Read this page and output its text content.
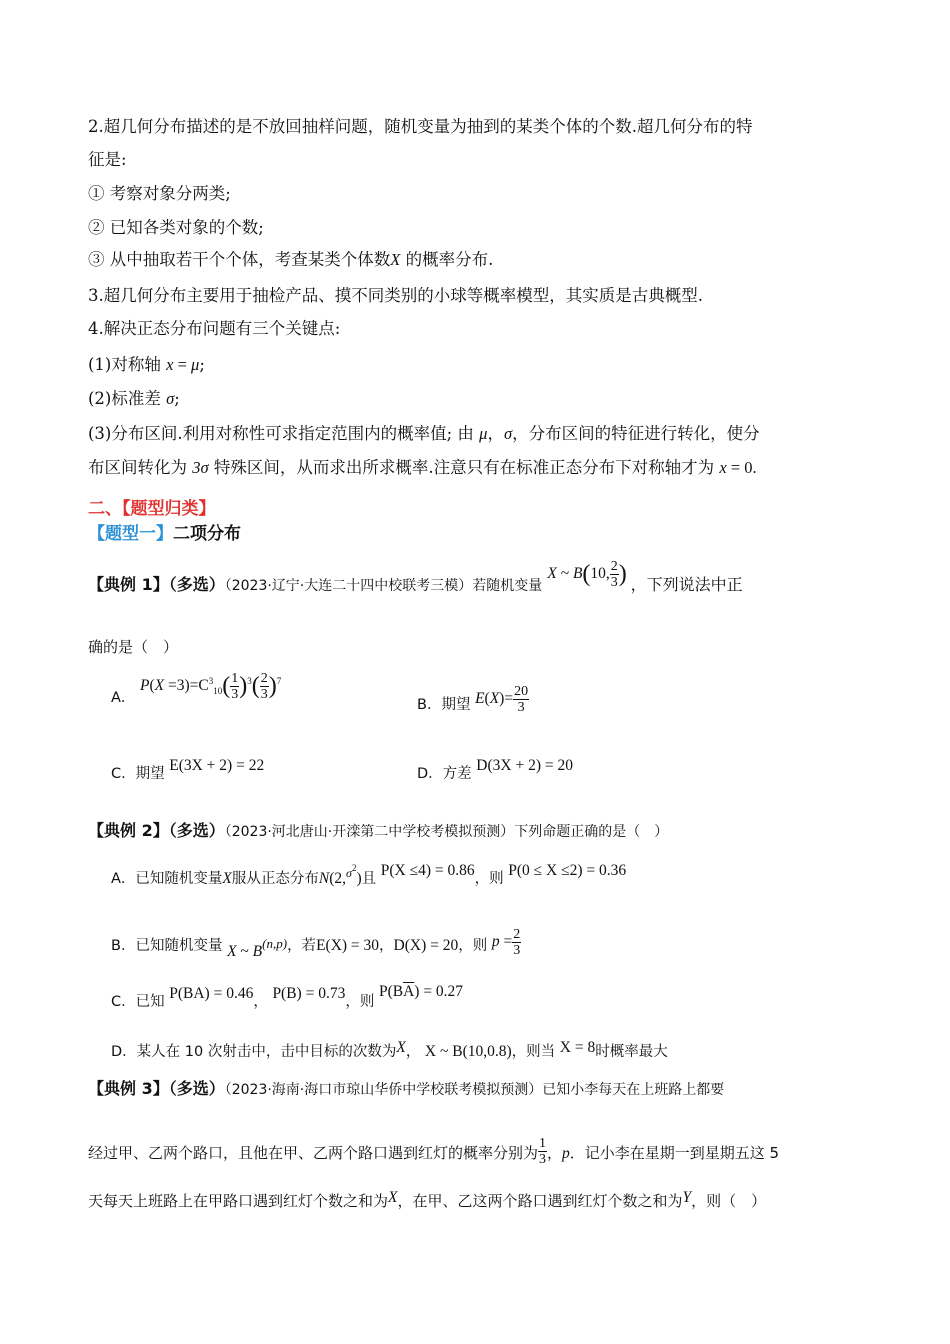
2.超几何分布描述的是不放回抽样问题，随机变量为抽到的某类个体的个数.超几何分布的特
征是:
① 考察对象分两类;
② 已知各类对象的个数;
③ 从中抽取若干个个体，考查某类个体数X 的概率分布.
3.超几何分布主要用于抽检产品、摸不同类别的小球等概率模型，其实质是古典概型.
4.解决正态分布问题有三个关键点:
(1)对称轴 x = μ;
(2)标准差 σ;
(3)分布区间.利用对称性可求指定范围内的概率值; 由 μ，σ，分布区间的特征进行转化，使分
布区间转化为 3σ 特殊区间，从而求出所求概率.注意只有在标准正态分布下对称轴才为 x = 0.
二、【题型归类】
【题型一】二项分布
【典例 1】（多选）（2023·辽宁·大连二十四中校联考三模）若随机变量 X ~ B(10, $\frac{2}{3}$ ) ，下列说法中正
确的是（　）
A． $P(X =3)=C^3_{10}( \frac{1}{3} )^3( \frac{2}{3} )^7$
B．期望 $E(X)= \frac{20}{3}$
C．期望 E(3X + 2) = 22	D．方差 D(3X + 2) = 20
【典例 2】（多选）（2023·河北唐山·开滦第二中学校考模拟预测）下列命题正确的是（　）
A．已知随机变量X服从正态分布N(2,$^{\sigma 2}$)且 P(X ≤4) = 0.86，则 P(0 ≤ X ≤2) = 0.36
B．已知随机变量 X ~ B(n,p)，若E(X) = 30，D(X) = 20，则 $p = \frac{2}{3}$
C．已知 P(BA) = 0.46， P(B) = 0.73，则 $P(B\overline{A}) = 0.27$
D．某人在 10 次射击中，击中目标的次数为X， X ~ B(10,0.8)，则当 X = 8时概率最大
【典例 3】（多选）（2023·海南·海口市琼山华侨中学校联考模拟预测）已知小李每天在上班路上都要
经过甲、乙两个路口，且他在甲、乙两个路口遇到红灯的概率分别为 $\frac{1}{3}$ ，p．记小李在星期一到星期五这 5
天每天上班路上在甲路口遇到红灯个数之和为X，在甲、乙这两个路口遇到红灯个数之和为Y，则（　）
